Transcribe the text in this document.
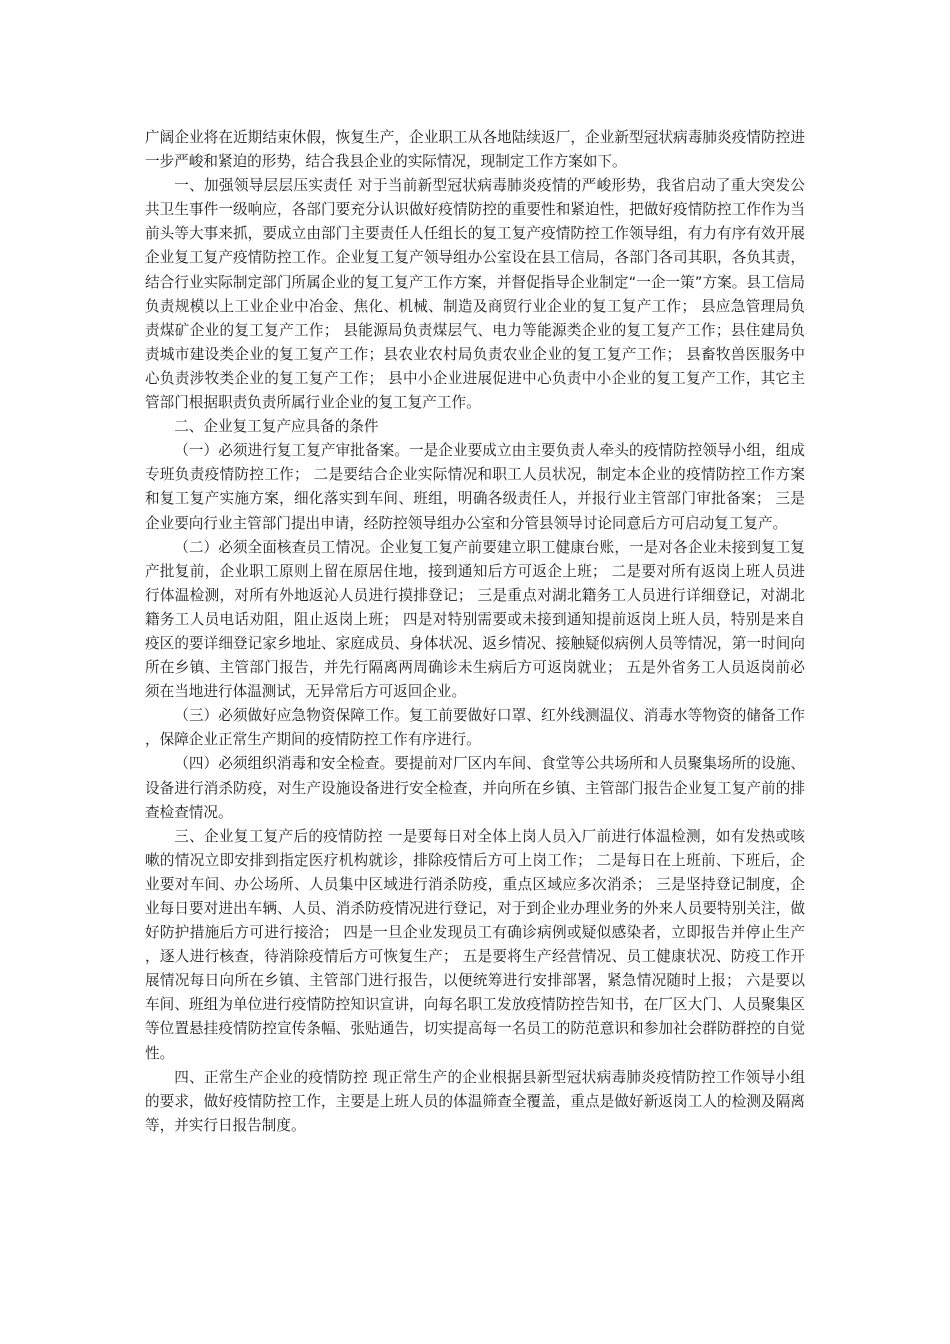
广阔企业将在近期结束休假，恢复生产，企业职工从各地陆续返厂，企业新型冠状病毒肺炎疫情防控进一步严峻和紧迫的形势，结合我县企业的实际情况，现制定工作方案如下。

一、加强领导层层压实责任 对于当前新型冠状病毒肺炎疫情的严峻形势，我省启动了重大突发公共卫生事件一级响应，各部门要充分认识做好疫情防控的重要性和紧迫性，把做好疫情防控工作作为当前头等大事来抓，要成立由部门主要责任人任组长的复工复产疫情防控工作领导组，有力有序有效开展企业复工复产疫情防控工作。企业复工复产领导组办公室设在县工信局，各部门各司其职，各负其责，结合行业实际制定部门所属企业的复工复产工作方案，并督促指导企业制定“一企一策”方案。县工信局负责规模以上工业企业中冶金、焦化、机械、制造及商贸行业企业的复工复产工作； 县应急管理局负责煤矿企业的复工复产工作； 县能源局负责煤层气、电力等能源类企业的复工复产工作；县住建局负责城市建设类企业的复工复产工作；县农业农村局负责农业企业的复工复产工作； 县畜牧兽医服务中心负责涉牧类企业的复工复产工作； 县中小企业进展促进中心负责中小企业的复工复产工作，其它主管部门根据职责负责所属行业企业的复工复产工作。

二、企业复工复产应具备的条件

（一）必须进行复工复产审批备案。一是企业要成立由主要负责人牵头的疫情防控领导小组，组成专班负责疫情防控工作； 二是要结合企业实际情况和职工人员状况，制定本企业的疫情防控工作方案和复工复产实施方案，细化落实到车间、班组，明确各级责任人，并报行业主管部门审批备案； 三是企业要向行业主管部门提出申请，经防控领导组办公室和分管县领导讨论同意后方可启动复工复产。

（二）必须全面核查员工情况。企业复工复产前要建立职工健康台账，一是对各企业未接到复工复产批复前，企业职工原则上留在原居住地，接到通知后方可返企上班； 二是要对所有返岗上班人员进行体温检测，对所有外地返沁人员进行摸排登记； 三是重点对湖北籍务工人员进行详细登记，对湖北籍务工人员电话劝阻，阻止返岗上班； 四是对特别需要或未接到通知提前返岗上班人员，特别是来自疫区的要详细登记家乡地址、家庭成员、身体状况、返乡情况、接触疑似病例人员等情况，第一时间向所在乡镇、主管部门报告，并先行隔离两周确诊未生病后方可返岗就业； 五是外省务工人员返岗前必须在当地进行体温测试，无异常后方可返回企业。

（三）必须做好应急物资保障工作。复工前要做好口罩、红外线测温仪、消毒水等物资的储备工作，保障企业正常生产期间的疫情防控工作有序进行。

（四）必须组织消毒和安全检查。要提前对厂区内车间、食堂等公共场所和人员聚集场所的设施、设备进行消杀防疫，对生产设施设备进行安全检查，并向所在乡镇、主管部门报告企业复工复产前的排查检查情况。

三、企业复工复产后的疫情防控 一是要每日对全体上岗人员入厂前进行体温检测，如有发热或咳嗽的情况立即安排到指定医疗机构就诊，排除疫情后方可上岗工作； 二是每日在上班前、下班后，企业要对车间、办公场所、人员集中区域进行消杀防疫，重点区域应多次消杀； 三是坚持登记制度，企业每日要对进出车辆、人员、消杀防疫情况进行登记，对于到企业办理业务的外来人员要特别关注，做好防护措施后方可进行接洽； 四是一旦企业发现员工有确诊病例或疑似感染者，立即报告并停止生产，逐人进行核查，待消除疫情后方可恢复生产； 五是要将生产经营情况、员工健康状况、防疫工作开展情况每日向所在乡镇、主管部门进行报告，以便统筹进行安排部署，紧急情况随时上报； 六是要以车间、班组为单位进行疫情防控知识宣讲，向每名职工发放疫情防控告知书，在厂区大门、人员聚集区等位置悬挂疫情防控宣传条幅、张贴通告，切实提高每一名员工的防范意识和参加社会群防群控的自觉性。

四、正常生产企业的疫情防控 现正常生产的企业根据县新型冠状病毒肺炎疫情防控工作领导小组的要求，做好疫情防控工作，主要是上班人员的体温筛查全覆盖，重点是做好新返岗工人的检测及隔离等，并实行日报告制度。
